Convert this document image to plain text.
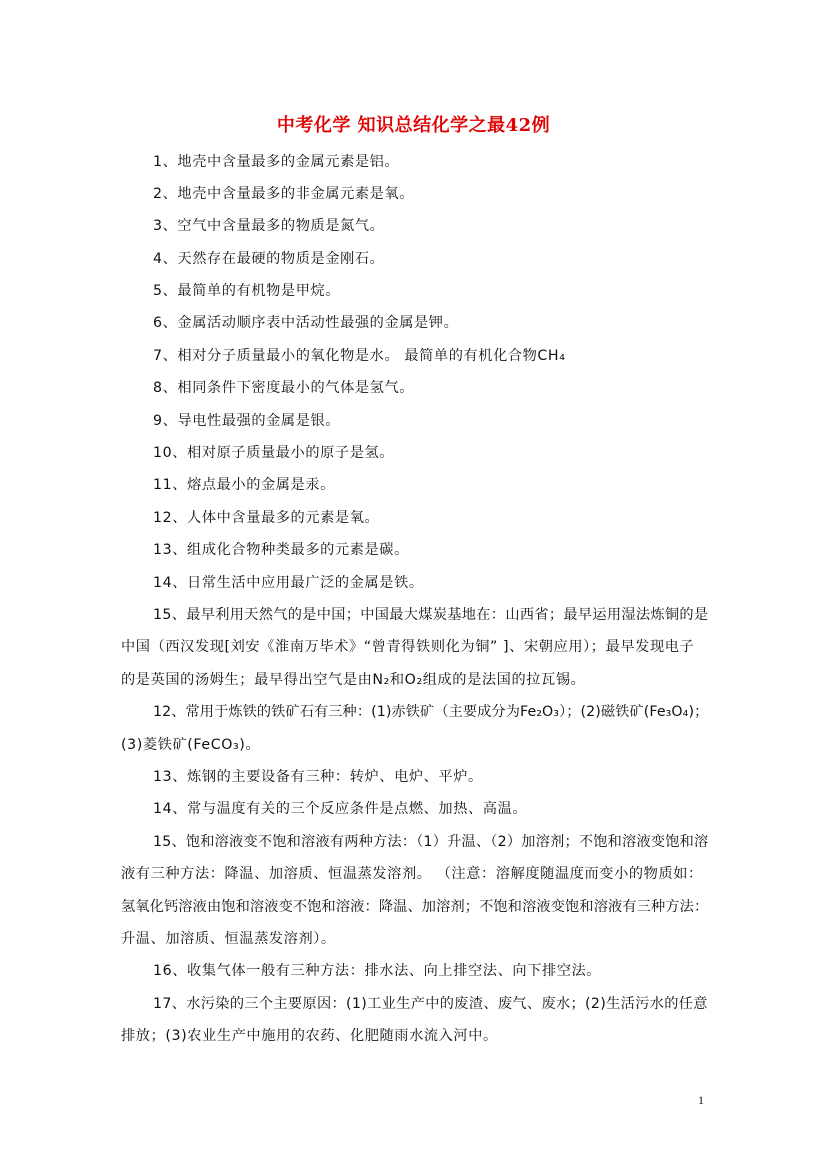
中考化学 知识总结化学之最42例
1、地壳中含量最多的金属元素是铝。
2、地壳中含量最多的非金属元素是氧。
3、空气中含量最多的物质是氮气。
4、天然存在最硬的物质是金刚石。
5、最简单的有机物是甲烷。
6、金属活动顺序表中活动性最强的金属是钾。
7、相对分子质量最小的氧化物是水。 最简单的有机化合物CH₄
8、相同条件下密度最小的气体是氢气。
9、导电性最强的金属是银。
10、相对原子质量最小的原子是氢。
11、熔点最小的金属是汞。
12、人体中含量最多的元素是氧。
13、组成化合物种类最多的元素是碳。
14、日常生活中应用最广泛的金属是铁。
15、最早利用天然气的是中国；中国最大煤炭基地在：山西省；最早运用湿法炼铜的是
中国（西汉发现[刘安《淮南万毕术》“曾青得铁则化为铜” ]、宋朝应用）；最早发现电子
的是英国的汤姆生；最早得出空气是由N₂和O₂组成的是法国的拉瓦锡。
12、常用于炼铁的铁矿石有三种：(1)赤铁矿（主要成分为Fe₂O₃）；(2)磁铁矿(Fe₃O₄)；
(3)菱铁矿(FeCO₃)。
13、炼钢的主要设备有三种：转炉、电炉、平炉。
14、常与温度有关的三个反应条件是点燃、加热、高温。
15、饱和溶液变不饱和溶液有两种方法：（1）升温、（2）加溶剂；不饱和溶液变饱和溶
液有三种方法：降温、加溶质、恒温蒸发溶剂。 （注意：溶解度随温度而变小的物质如：
氢氧化钙溶液由饱和溶液变不饱和溶液：降温、加溶剂；不饱和溶液变饱和溶液有三种方法：
升温、加溶质、恒温蒸发溶剂）。
16、收集气体一般有三种方法：排水法、向上排空法、向下排空法。
17、水污染的三个主要原因：(1)工业生产中的废渣、废气、废水；(2)生活污水的任意
排放；(3)农业生产中施用的农药、化肥随雨水流入河中。
1
